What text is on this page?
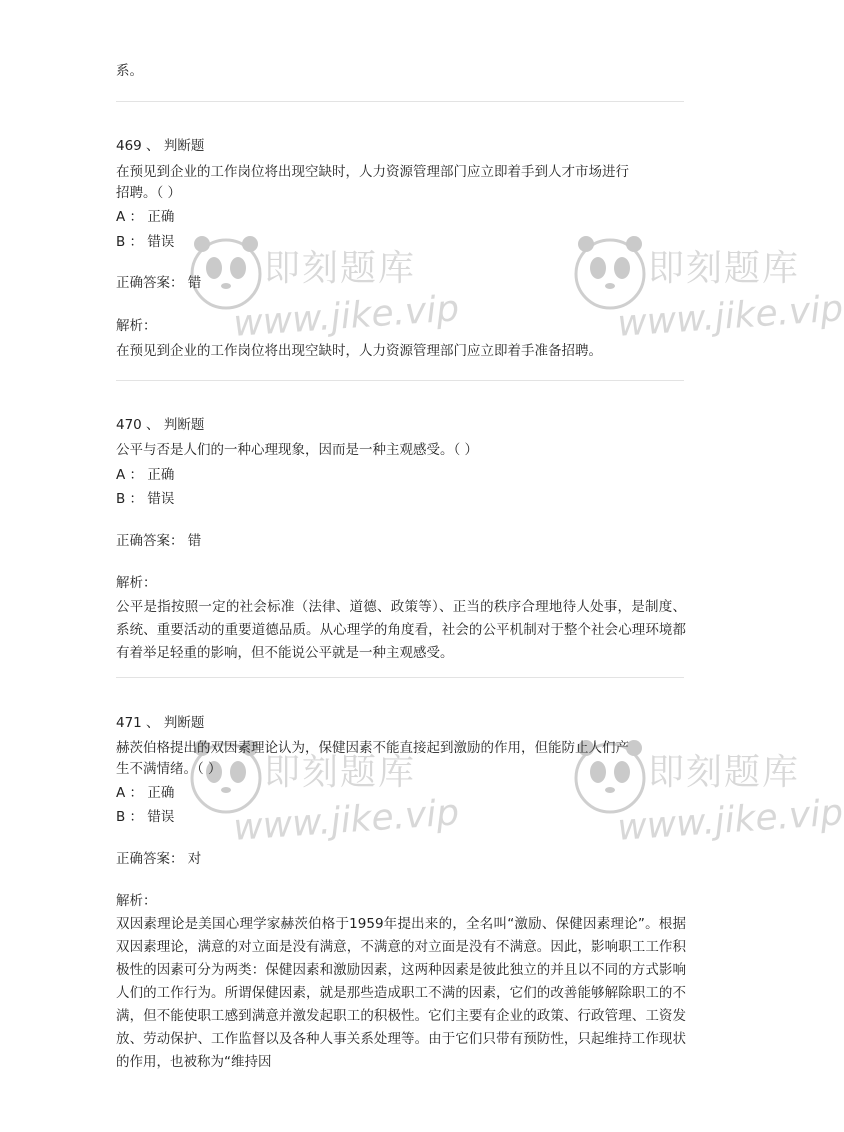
即刻题库
www.jike.vip
即刻题库
www.jike.vip
即刻题库
www.jike.vip
即刻题库
www.jike.vip

系。

469 、 判断题

在预见到企业的工作岗位将出现空缺时，人力资源管理部门应立即着手到人才市场进行

招聘。（ ）

A ： 正确

B ： 错误

正确答案： 错

解析：

在预见到企业的工作岗位将出现空缺时，人力资源管理部门应立即着手准备招聘。

470 、 判断题

公平与否是人们的一种心理现象，因而是一种主观感受。（ ）

A ： 正确

B ： 错误

正确答案： 错

解析：

公平是指按照一定的社会标准（法律、道德、政策等）、正当的秩序合理地待人处事，是制度、系统、重要活动的重要道德品质。从心理学的角度看，社会的公平机制对于整个社会心理环境都有着举足轻重的影响，但不能说公平就是一种主观感受。

471 、 判断题

赫茨伯格提出的双因素理论认为，保健因素不能直接起到激励的作用，但能防止人们产

生不满情绪。（ ）

A ： 正确

B ： 错误

正确答案： 对

解析：

双因素理论是美国心理学家赫茨伯格于1959年提出来的，全名叫“激励、保健因素理论”。根据双因素理论，满意的对立面是没有满意，不满意的对立面是没有不满意。因此，影响职工工作积极性的因素可分为两类：保健因素和激励因素，这两种因素是彼此独立的并且以不同的方式影响人们的工作行为。所谓保健因素，就是那些造成职工不满的因素，它们的改善能够解除职工的不满，但不能使职工感到满意并激发起职工的积极性。它们主要有企业的政策、行政管理、工资发放、劳动保护、工作监督以及各种人事关系处理等。由于它们只带有预防性，只起维持工作现状的作用，也被称为“维持因
